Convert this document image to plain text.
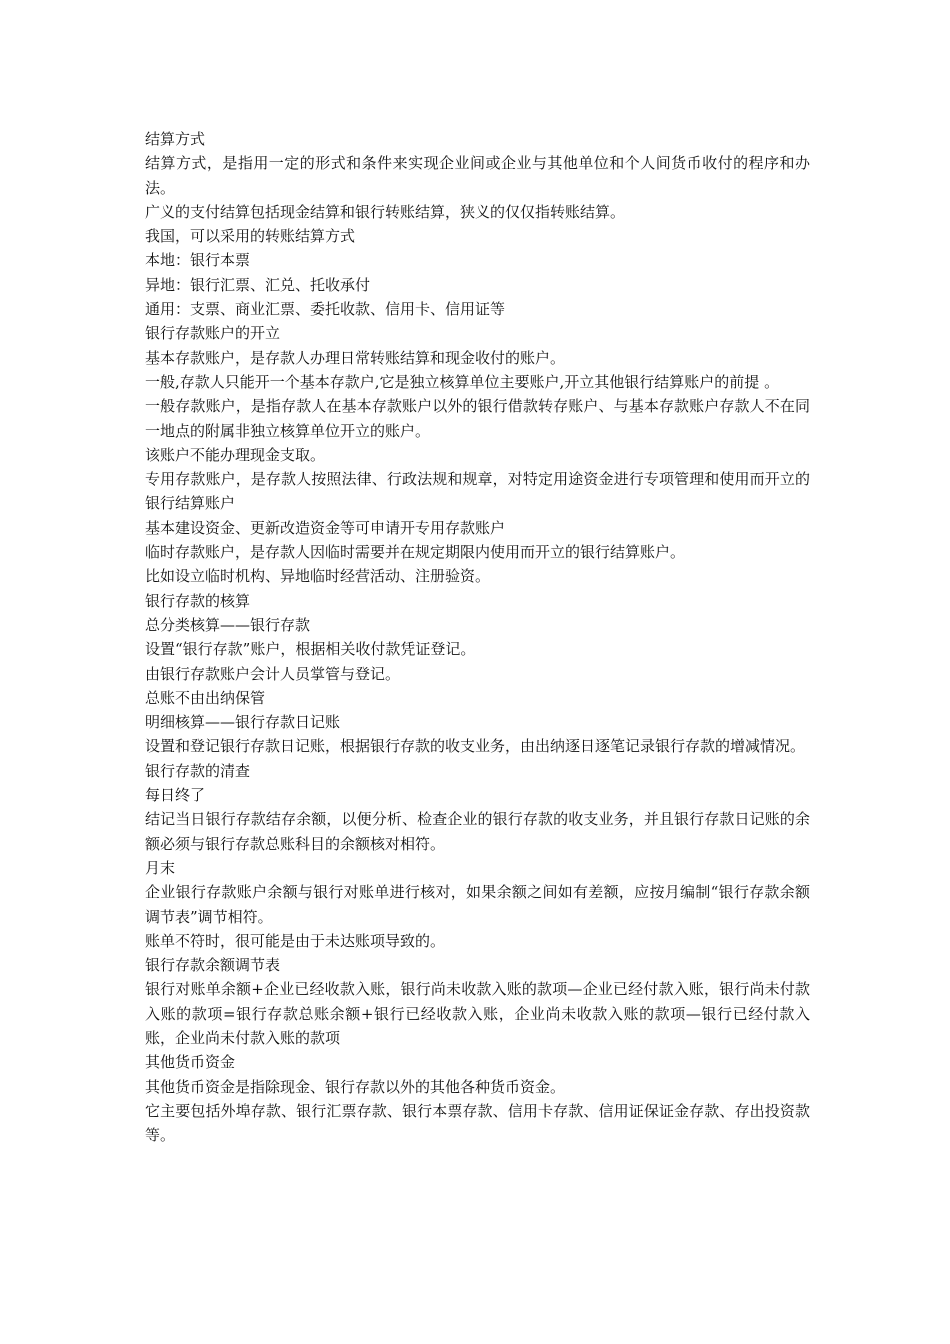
结算方式
结算方式，是指用一定的形式和条件来实现企业间或企业与其他单位和个人间货币收付的程序和办法。
广义的支付结算包括现金结算和银行转账结算，狭义的仅仅指转账结算。
我国，可以采用的转账结算方式
本地：银行本票
异地：银行汇票、汇兑、托收承付
通用：支票、商业汇票、委托收款、信用卡、信用证等
银行存款账户的开立
基本存款账户，是存款人办理日常转账结算和现金收付的账户。
一般,存款人只能开一个基本存款户,它是独立核算单位主要账户,开立其他银行结算账户的前提 。
一般存款账户，是指存款人在基本存款账户以外的银行借款转存账户、与基本存款账户存款人不在同一地点的附属非独立核算单位开立的账户。
该账户不能办理现金支取。
专用存款账户，是存款人按照法律、行政法规和规章，对特定用途资金进行专项管理和使用而开立的银行结算账户
基本建设资金、更新改造资金等可申请开专用存款账户
临时存款账户，是存款人因临时需要并在规定期限内使用而开立的银行结算账户。
比如设立临时机构、异地临时经营活动、注册验资。
银行存款的核算
总分类核算——银行存款
设置“银行存款”账户，根据相关收付款凭证登记。
由银行存款账户会计人员掌管与登记。
总账不由出纳保管
明细核算——银行存款日记账
设置和登记银行存款日记账，根据银行存款的收支业务，由出纳逐日逐笔记录银行存款的增减情况。
银行存款的清查
每日终了
结记当日银行存款结存余额，以便分析、检查企业的银行存款的收支业务，并且银行存款日记账的余额必须与银行存款总账科目的余额核对相符。
月末
企业银行存款账户余额与银行对账单进行核对，如果余额之间如有差额，应按月编制“银行存款余额调节表”调节相符。
账单不符时，很可能是由于未达账项导致的。
银行存款余额调节表
银行对账单余额+企业已经收款入账，银行尚未收款入账的款项—企业已经付款入账，银行尚未付款入账的款项=银行存款总账余额+银行已经收款入账，企业尚未收款入账的款项—银行已经付款入账，企业尚未付款入账的款项
其他货币资金
其他货币资金是指除现金、银行存款以外的其他各种货币资金。
它主要包括外埠存款、银行汇票存款、银行本票存款、信用卡存款、信用证保证金存款、存出投资款等。
